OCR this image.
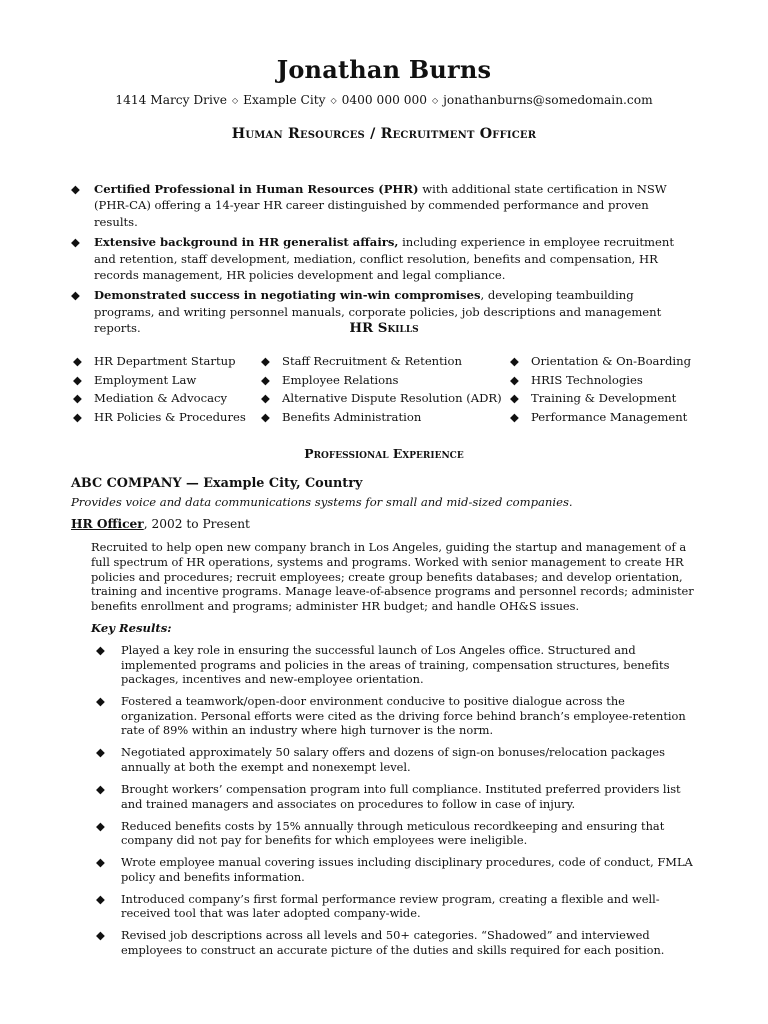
Jonathan Burns
1414 Marcy Drive ◇ Example City ◇ 0400 000 000 ◇ jonathanburns@somedomain.com
Human Resources / Recruitment Officer
◆ Certified Professional in Human Resources (PHR) with additional state certification in NSW (PHR-CA) offering a 14-year HR career distinguished by commended performance and proven results.
◆ Extensive background in HR generalist affairs, including experience in employee recruitment and retention, staff development, mediation, conflict resolution, benefits and compensation, HR records management, HR policies development and legal compliance.
◆ Demonstrated success in negotiating win-win compromises, developing teambuilding programs, and writing personnel manuals, corporate policies, job descriptions and management reports.	HR Skills
◆ HR Department Startup
◆ Employment Law
◆ Mediation & Advocacy
◆ HR Policies & Procedures
◆ Staff Recruitment & Retention
◆ Employee Relations
◆ Alternative Dispute Resolution (ADR)
◆ Benefits Administration
◆ Orientation & On-Boarding
◆ HRIS Technologies
◆ Training & Development
◆ Performance Management
Professional Experience
ABC COMPANY — Example City, Country
Provides voice and data communications systems for small and mid-sized companies.
HR Officer, 2002 to Present
Recruited to help open new company branch in Los Angeles, guiding the startup and management of a full spectrum of HR operations, systems and programs. Worked with senior management to create HR policies and procedures; recruit employees; create group benefits databases; and develop orientation, training and incentive programs. Manage leave-of-absence programs and personnel records; administer benefits enrollment and programs; administer HR budget; and handle OH&S issues.
Key Results:
◆ Played a key role in ensuring the successful launch of Los Angeles office. Structured and implemented programs and policies in the areas of training, compensation structures, benefits packages, incentives and new-employee orientation.
◆ Fostered a teamwork/open-door environment conducive to positive dialogue across the organization. Personal efforts were cited as the driving force behind branch’s employee-retention rate of 89% within an industry where high turnover is the norm.
◆ Negotiated approximately 50 salary offers and dozens of sign-on bonuses/relocation packages annually at both the exempt and nonexempt level.
◆ Brought workers’ compensation program into full compliance. Instituted preferred providers list and trained managers and associates on procedures to follow in case of injury.
◆ Reduced benefits costs by 15% annually through meticulous recordkeeping and ensuring that company did not pay for benefits for which employees were ineligible.
◆ Wrote employee manual covering issues including disciplinary procedures, code of conduct, FMLA policy and benefits information.
◆ Introduced company’s first formal performance review program, creating a flexible and well-received tool that was later adopted company-wide.
◆ Revised job descriptions across all levels and 50+ categories. “Shadowed” and interviewed employees to construct an accurate picture of the duties and skills required for each position.
